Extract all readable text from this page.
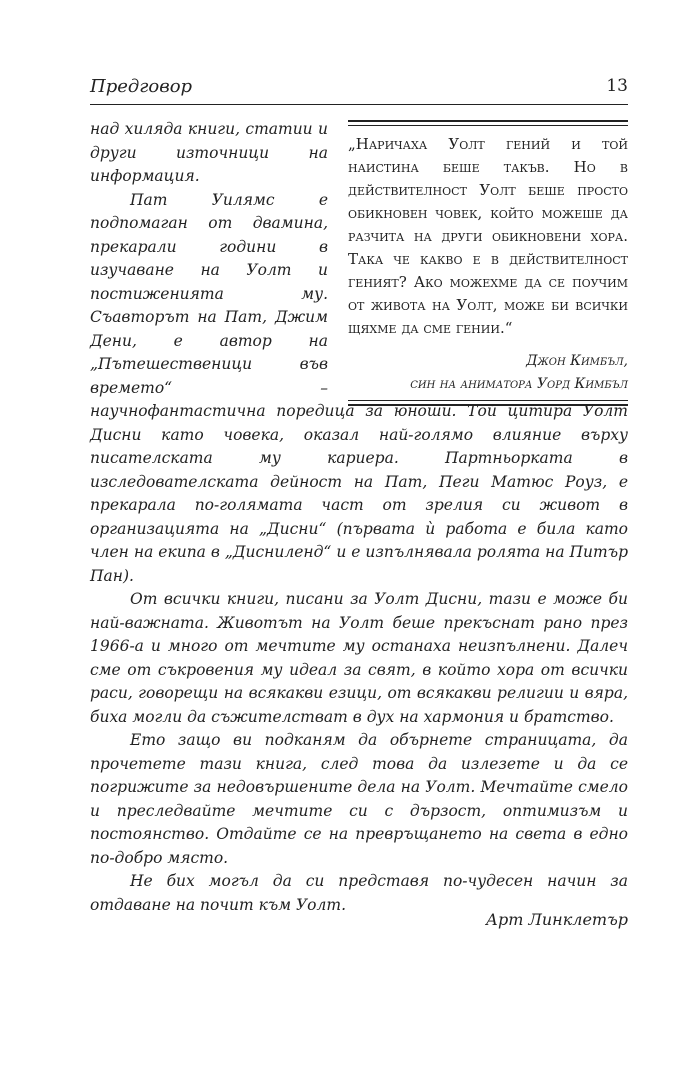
Предговор	13

над хиляда книги, статии и други източници на информация.

Пат Уилямс е подпомаган от двамина, прекарали години в изучаване на Уолт и постиженията му. Съавторът на Пат, Джим Дени, е автор на „Пътешественици във времето“ – научнофантастична поредица за юноши. Той цитира Уолт Дисни като човека, оказал най-голямо влияние върху писателската му кариера. Партньорката в изследователската дейност на Пат, Пеги Матюс Роуз, е прекарала по-голямата част от зрелия си живот в организацията на „Дисни“ (първата ѝ работа е била като член на екипа в „Дисниленд“ и е изпълнявала ролята на Питър Пан).

От всички книги, писани за Уолт Дисни, тази е може би най-важната. Животът на Уолт беше прекъснат рано през 1966-а и много от мечтите му останаха неизпълнени. Далеч сме от съкровения му идеал за свят, в който хора от всички раси, говорещи на всякакви езици, от всякакви религии и вяра, биха могли да съжителстват в дух на хармония и братство.

Ето защо ви подканям да обърнете страницата, да прочетете тази книга, след това да излезете и да се погрижите за недовършените дела на Уолт. Мечтайте смело и преследвайте мечтите си с дързост, оптимизъм и постоянство. Отдайте се на превръщането на света в едно по-добро място.

Не бих могъл да си представя по-чудесен начин за отдаване на почит към Уолт.

„Наричаха Уолт гений и той наистина беше такъв. Но в действителност Уолт беше просто обикновен човек, който можеше да разчита на други обикновени хора. Така че какво е в действителност геният? Ако можехме да се поучим от живота на Уолт, може би всички щяхме да сме гении.“
Джон Кимбъл,
син на аниматора Уорд Кимбъл
Арт Линклетър
